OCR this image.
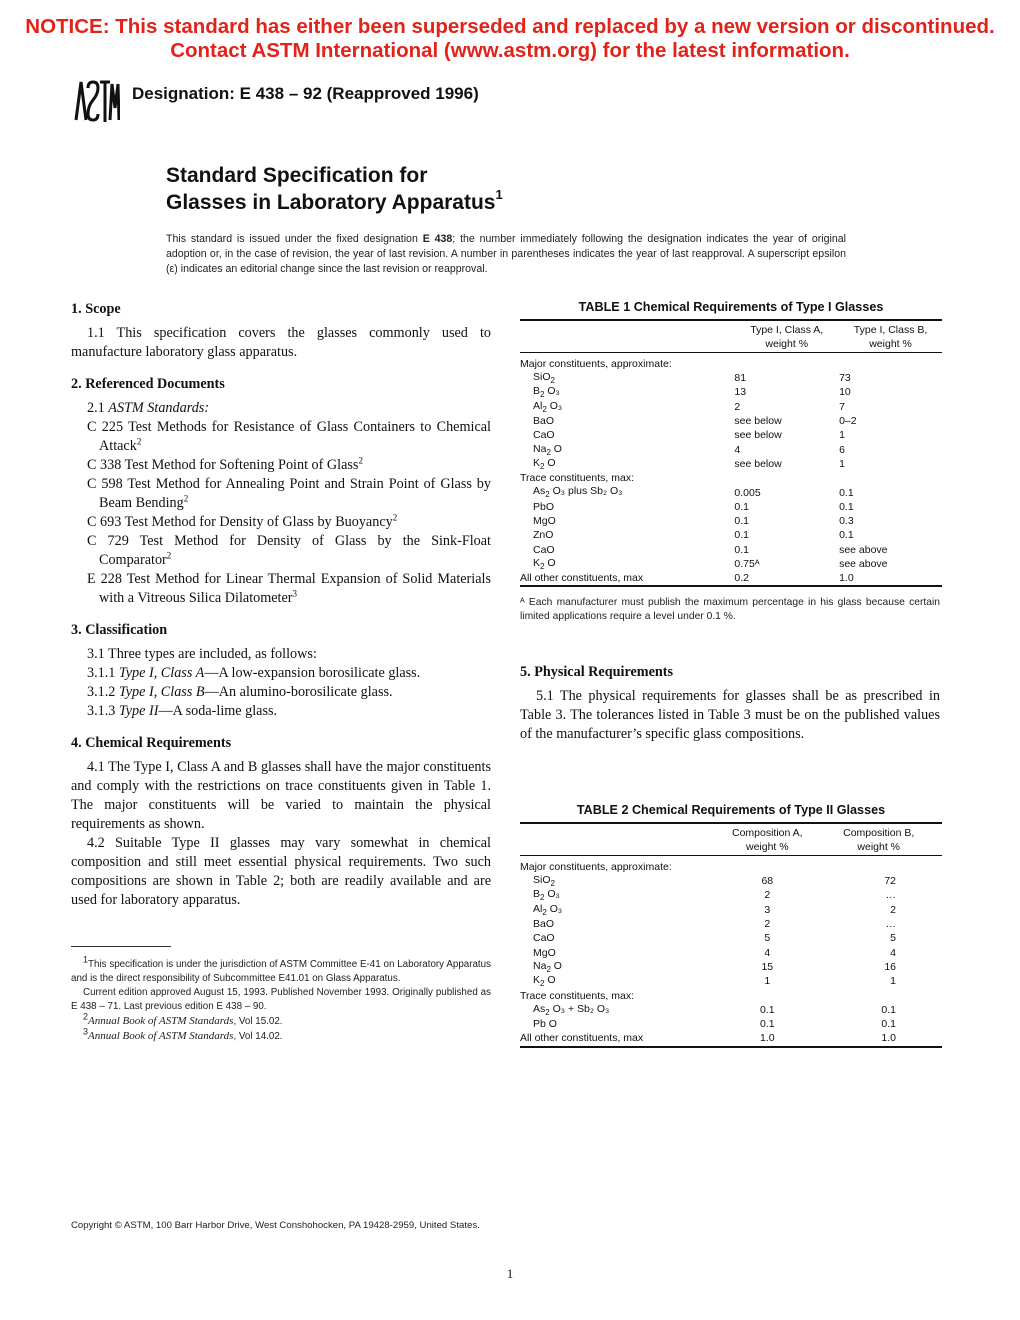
NOTICE: This standard has either been superseded and replaced by a new version or discontinued.
Contact ASTM International (www.astm.org) for the latest information.
Designation: E 438 – 92 (Reapproved 1996)
Standard Specification for
Glasses in Laboratory Apparatus$^1$
This standard is issued under the fixed designation E 438; the number immediately following the designation indicates the year of original adoption or, in the case of revision, the year of last revision. A number in parentheses indicates the year of last reapproval. A superscript epsilon (ε) indicates an editorial change since the last revision or reapproval.

1. Scope

1.1 This specification covers the glasses commonly used to manufacture laboratory glass apparatus.

2. Referenced Documents

2.1 ASTM Standards:

C 225 Test Methods for Resistance of Glass Containers to Chemical Attack$^2$

C 338 Test Method for Softening Point of Glass$^2$

C 598 Test Method for Annealing Point and Strain Point of Glass by Beam Bending$^2$

C 693 Test Method for Density of Glass by Buoyancy$^2$

C 729 Test Method for Density of Glass by the Sink-Float Comparator$^2$

E 228 Test Method for Linear Thermal Expansion of Solid Materials with a Vitreous Silica Dilatometer$^3$

3. Classification

3.1 Three types are included, as follows:

3.1.1 Type I, Class A—A low-expansion borosilicate glass.

3.1.2 Type I, Class B—An alumino-borosilicate glass.

3.1.3 Type II—A soda-lime glass.

4. Chemical Requirements

4.1 The Type I, Class A and B glasses shall have the major constituents and comply with the restrictions on trace constituents given in Table 1. The major constituents will be varied to maintain the physical requirements as shown.

4.2 Suitable Type II glasses may vary somewhat in chemical composition and still meet essential physical requirements. Two such compositions are shown in Table 2; both are readily available and are used for laboratory apparatus.

$^1$This specification is under the jurisdiction of ASTM Committee E-41 on Laboratory Apparatus and is the direct responsibility of Subcommittee E41.01 on Glass Apparatus.

Current edition approved August 15, 1993. Published November 1993. Originally published as E 438 – 71. Last previous edition E 438 – 90.

$^2$Annual Book of ASTM Standards, Vol 15.02.

$^3$Annual Book of ASTM Standards, Vol 14.02.

TABLE 1 Chemical Requirements of Type I Glasses
	Type I, Class A,
weight %	Type I, Class B,
weight %
Major constituents, approximate:		
SiO$_2$	81	73
$B_2$ O₃	13	10
$Al_2$ O₃	2	7
BaO	see below	0–2
CaO	see below	1
$Na_2$ O	4	6
$K_2$ O	see below	1
Trace constituents, max:		
$As_2$ O₃ plus Sb₂ O₃	0.005	0.1
PbO	0.1	0.1
MgO	0.1	0.3
ZnO	0.1	0.1
CaO	0.1	see above
$K_2$ O	0.75ᴬ	see above
All other constituents, max	0.2	1.0
ᴬ Each manufacturer must publish the maximum percentage in his glass because certain limited applications require a level under 0.1 %.

5. Physical Requirements

5.1 The physical requirements for glasses shall be as prescribed in Table 3. The tolerances listed in Table 3 must be on the published values of the manufacturer’s specific glass compositions.

TABLE 2 Chemical Requirements of Type II Glasses
	Composition A,
weight %	Composition B,
weight %
Major constituents, approximate:		
SiO$_2$	68	72
$B_2$ O₃	2	…
$Al_2$ O₃	3	2
BaO	2	…
CaO	5	5
MgO	4	4
$Na_2$ O	15	16
$K_2$ O	1	1
Trace constituents, max:		
$As_2$ O₃ + Sb₂ O₃	0.1	0.1
Pb O	0.1	0.1
All other constituents, max	1.0	1.0
Copyright © ASTM, 100 Barr Harbor Drive, West Conshohocken, PA 19428-2959, United States.
1
